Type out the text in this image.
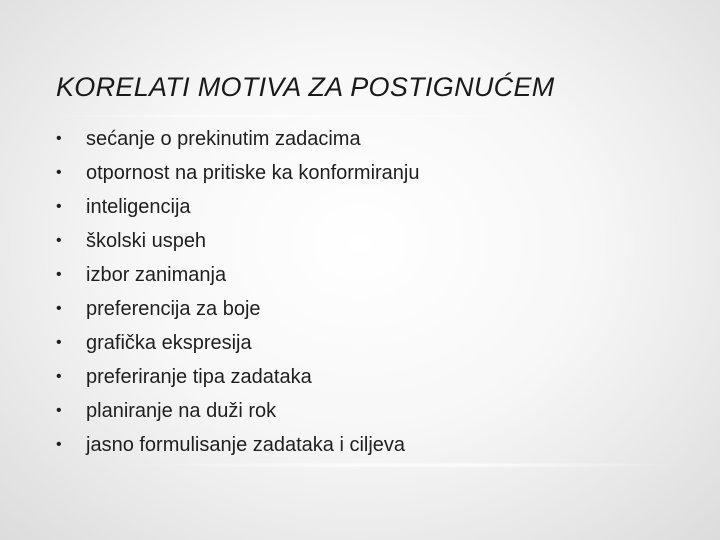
KORELATI MOTIVA ZA POSTIGNUĆEM
• sećanje o prekinutim zadacima
• otpornost na pritiske ka konformiranju
• inteligencija
• školski uspeh
• izbor zanimanja
• preferencija za boje
• grafička ekspresija
• preferiranje tipa zadataka
• planiranje na duži rok
• jasno formulisanje zadataka i ciljeva
